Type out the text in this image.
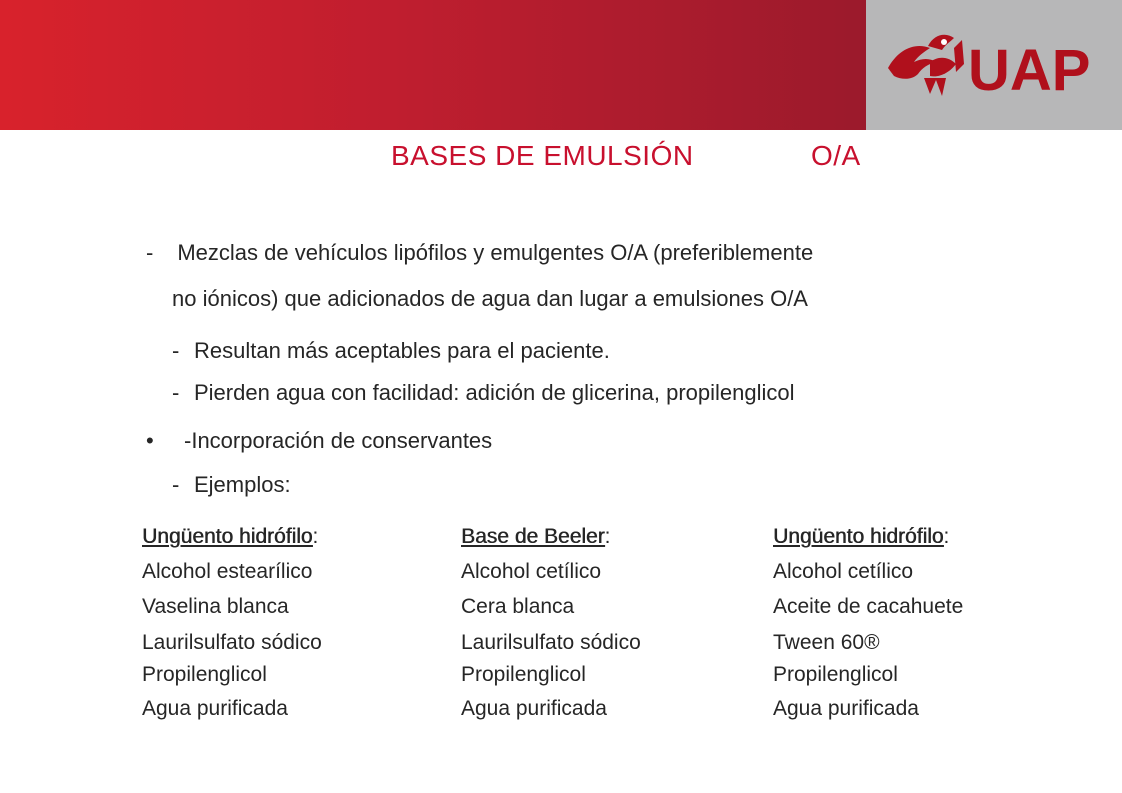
UAP
BASES DE EMULSIÓN	O/A
- Mezclas de vehículos lipófilos y emulgentes O/A (preferiblemente
no iónicos) que adicionados de agua dan lugar a emulsiones O/A
- Resultan más aceptables para el paciente.
- Pierden agua con facilidad: adición de glicerina, propilenglicol
• -Incorporación de conservantes
- Ejemplos:
Ungüento hidrófilo:
Alcohol estearílico
Vaselina blanca
Laurilsulfato sódico
Propilenglicol
Agua purificada
Base de Beeler:
Alcohol cetílico
Cera blanca
Laurilsulfato sódico
Propilenglicol
Agua purificada
Ungüento hidrófilo:
Alcohol cetílico
Aceite de cacahuete
Tween 60®
Propilenglicol
Agua purificada
